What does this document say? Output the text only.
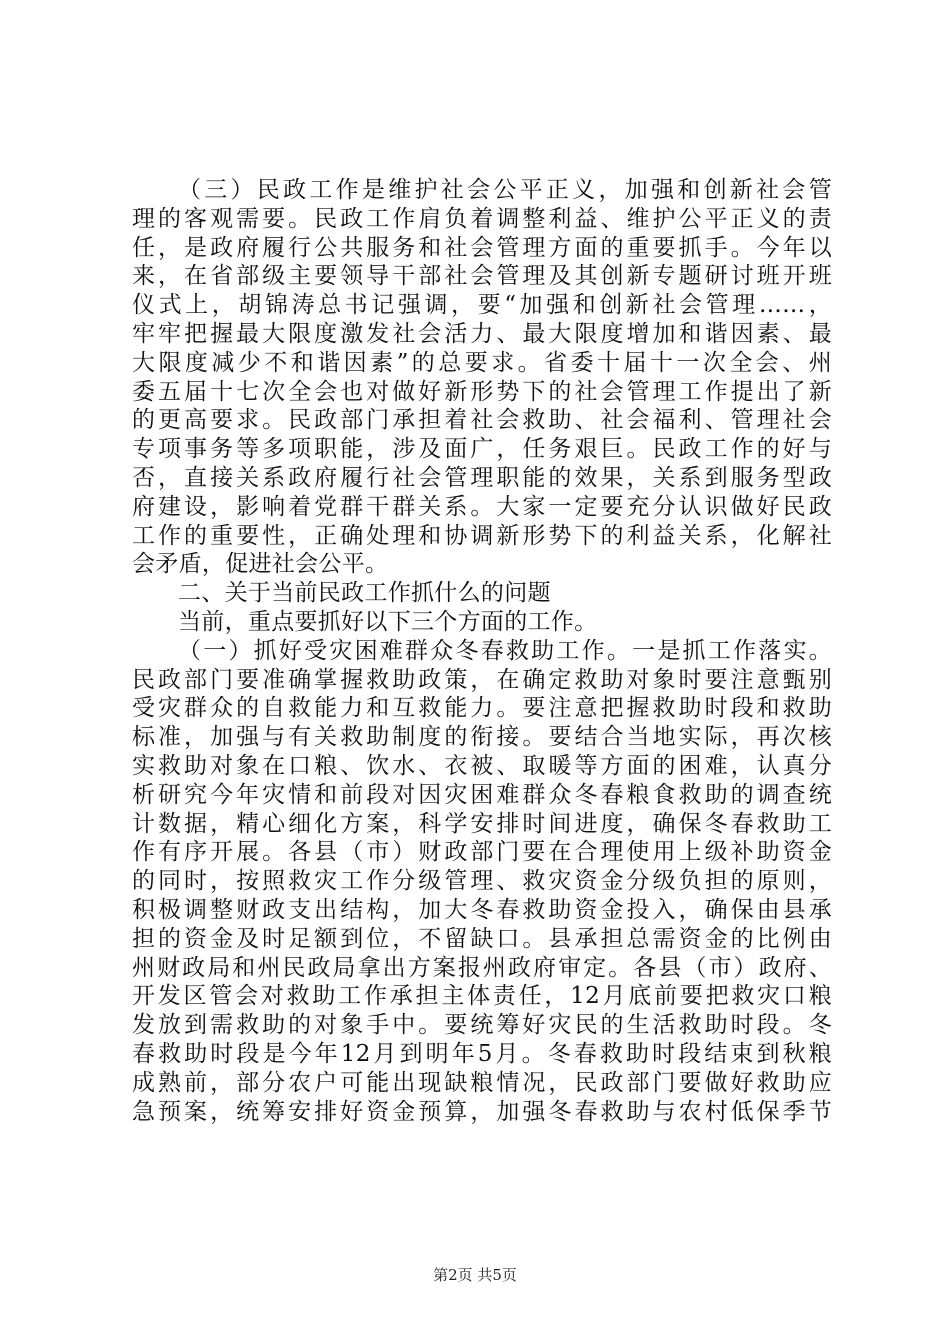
（三）民政工作是维护社会公平正义，加强和创新社会管
理的客观需要。民政工作肩负着调整利益、维护公平正义的责
任，是政府履行公共服务和社会管理方面的重要抓手。今年以
来，在省部级主要领导干部社会管理及其创新专题研讨班开班
仪式上，胡锦涛总书记强调，要“加强和创新社会管理……，
牢牢把握最大限度激发社会活力、最大限度增加和谐因素、最
大限度减少不和谐因素”的总要求。省委十届十一次全会、州
委五届十七次全会也对做好新形势下的社会管理工作提出了新
的更高要求。民政部门承担着社会救助、社会福利、管理社会
专项事务等多项职能，涉及面广，任务艰巨。民政工作的好与
否，直接关系政府履行社会管理职能的效果，关系到服务型政
府建设，影响着党群干群关系。大家一定要充分认识做好民政
工作的重要性，正确处理和协调新形势下的利益关系，化解社
会矛盾，促进社会公平。
二、关于当前民政工作抓什么的问题
当前，重点要抓好以下三个方面的工作。
（一）抓好受灾困难群众冬春救助工作。一是抓工作落实。
民政部门要准确掌握救助政策，在确定救助对象时要注意甄别
受灾群众的自救能力和互救能力。要注意把握救助时段和救助
标准，加强与有关救助制度的衔接。要结合当地实际，再次核
实救助对象在口粮、饮水、衣被、取暖等方面的困难，认真分
析研究今年灾情和前段对因灾困难群众冬春粮食救助的调查统
计数据，精心细化方案，科学安排时间进度，确保冬春救助工
作有序开展。各县（市）财政部门要在合理使用上级补助资金
的同时，按照救灾工作分级管理、救灾资金分级负担的原则，
积极调整财政支出结构，加大冬春救助资金投入，确保由县承
担的资金及时足额到位，不留缺口。县承担总需资金的比例由
州财政局和州民政局拿出方案报州政府审定。各县（市）政府、
开发区管会对救助工作承担主体责任，12月底前要把救灾口粮
发放到需救助的对象手中。要统筹好灾民的生活救助时段。冬
春救助时段是今年12月到明年5月。冬春救助时段结束到秋粮
成熟前，部分农户可能出现缺粮情况，民政部门要做好救助应
急预案，统筹安排好资金预算，加强冬春救助与农村低保季节
第2页 共5页
